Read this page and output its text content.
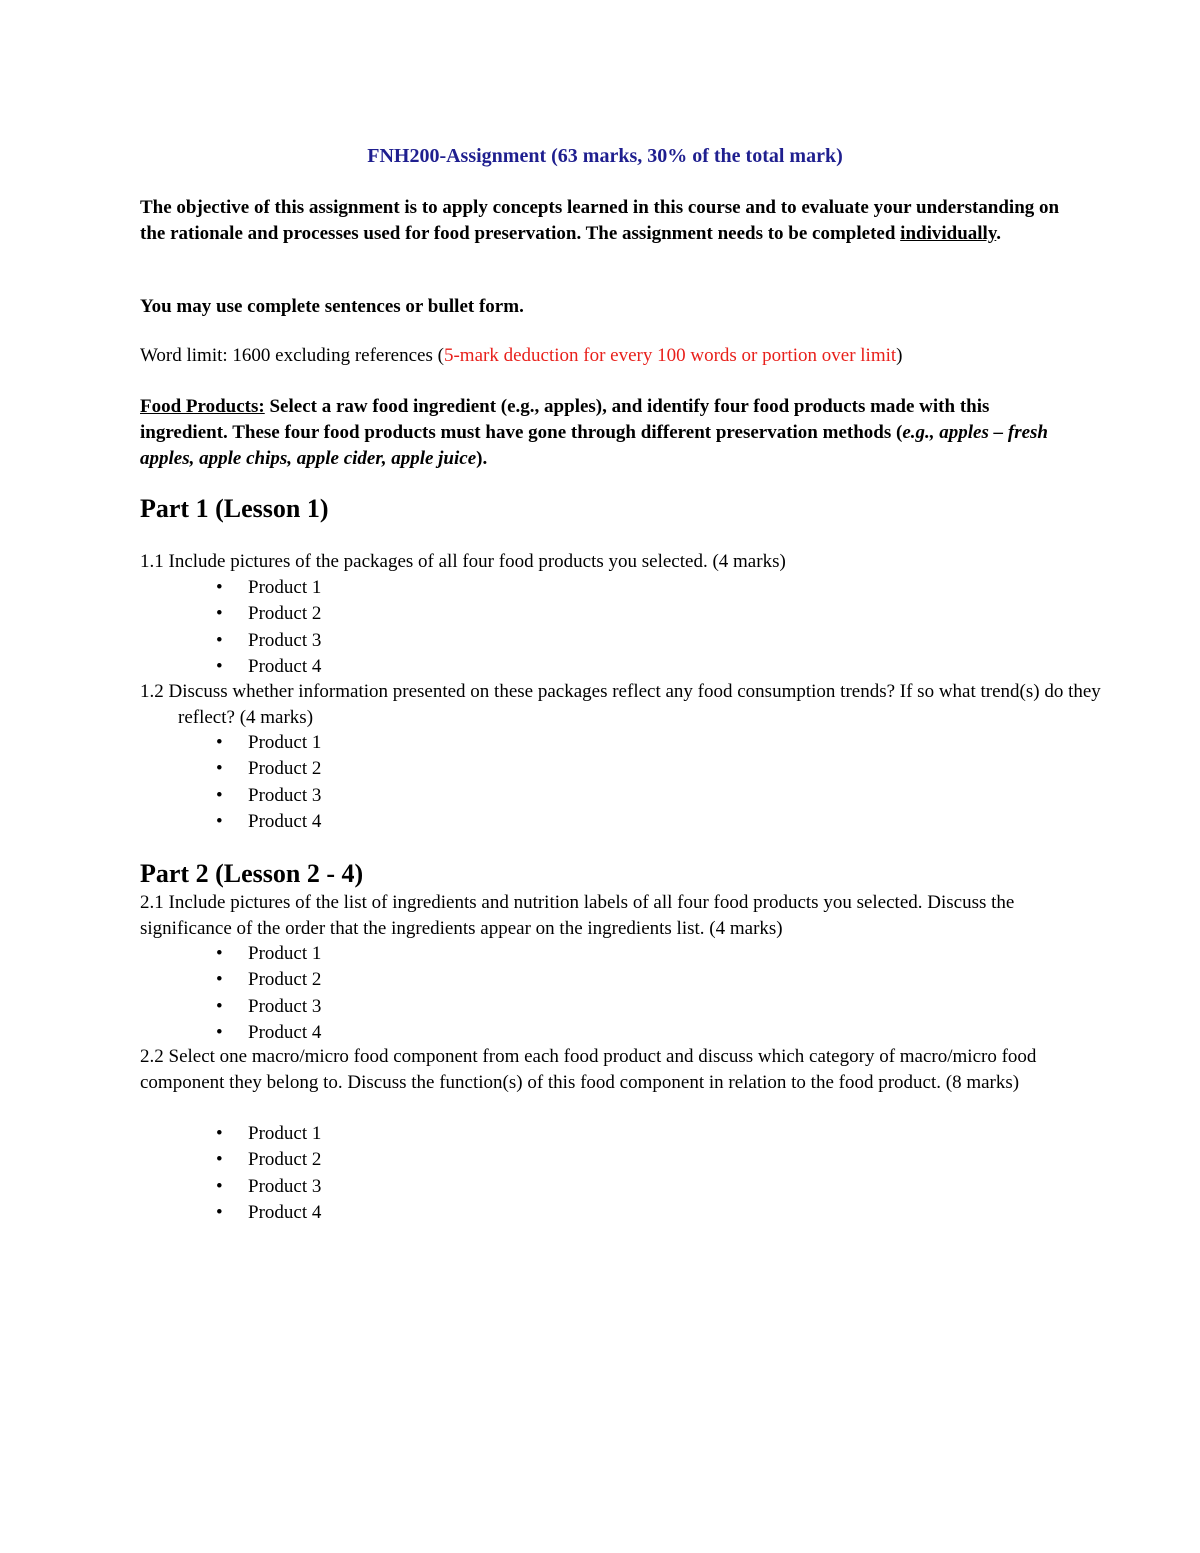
FNH200-Assignment (63 marks, 30% of the total mark)
The objective of this assignment is to apply concepts learned in this course and to evaluate your understanding on the rationale and processes used for food preservation. The assignment needs to be completed individually.
You may use complete sentences or bullet form.
Word limit: 1600 excluding references (5-mark deduction for every 100 words or portion over limit)
Food Products: Select a raw food ingredient (e.g., apples), and identify four food products made with this ingredient. These four food products must have gone through different preservation methods (e.g., apples – fresh apples, apple chips, apple cider, apple juice).
Part 1 (Lesson 1)
1.1 Include pictures of the packages of all four food products you selected. (4 marks)
• Product 1
• Product 2
• Product 3
• Product 4
1.2 Discuss whether information presented on these packages reflect any food consumption trends? If so what trend(s) do they reflect? (4 marks)
• Product 1
• Product 2
• Product 3
• Product 4
Part 2 (Lesson 2 - 4)
2.1 Include pictures of the list of ingredients and nutrition labels of all four food products you selected. Discuss the significance of the order that the ingredients appear on the ingredients list. (4 marks)
• Product 1
• Product 2
• Product 3
• Product 4
2.2 Select one macro/micro food component from each food product and discuss which category of macro/micro food component they belong to. Discuss the function(s) of this food component in relation to the food product. (8 marks)
• Product 1
• Product 2
• Product 3
• Product 4
